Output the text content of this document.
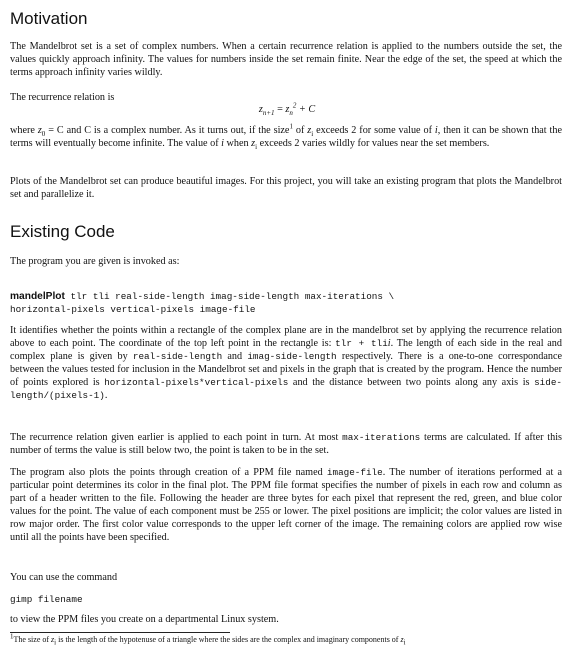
Motivation

The Mandelbrot set is a set of complex numbers. When a certain recurrence relation is applied to the numbers outside the set, the values quickly approach infinity. The values for numbers inside the set remain finite. Near the edge of the set, the speed at which the terms approach infinity varies wildly.

The recurrence relation is

$z_{n+1} = z_n^2 + C$

where $z_0 = C$ and C is a complex number. As it turns out, if the size$^1$ of $z_i$ exceeds 2 for some value of i, then it can be shown that the terms will eventually become infinite. The value of i when $z_i$ exceeds 2 varies wildly for values near the set members.

Plots of the Mandelbrot set can produce beautiful images. For this project, you will take an existing program that plots the Mandelbrot set and parallelize it.

Existing Code

The program you are given is invoked as:

mandelPlot tlr tli real-side-length imag-side-length max-iterations \
horizontal-pixels vertical-pixels image-file

It identifies whether the points within a rectangle of the complex plane are in the mandelbrot set by applying the recurrence relation above to each point. The coordinate of the top left point in the rectangle is: tlr + tlii. The length of each side in the real and complex plane is given by real-side-length and imag-side-length respectively. There is a one-to-one correspondance between the values tested for inclusion in the Mandelbrot set and pixels in the graph that is created by the program. Hence the number of points explored is horizontal-pixels*vertical-pixels and the distance between two points along any axis is side-length/(pixels-1).

The recurrence relation given earlier is applied to each point in turn. At most max-iterations terms are calculated. If after this number of terms the value is still below two, the point is taken to be in the set.

The program also plots the points through creation of a PPM file named image-file. The number of iterations performed at a particular point determines its color in the final plot. The PPM file format specifies the number of pixels in each row and column as part of a header written to the file. Following the header are three bytes for each pixel that represent the red, green, and blue color values for the point. The value of each component must be 255 or lower. The pixel positions are implicit; the color values are listed in row major order. The first color value corresponds to the upper left corner of the image. The remaining colors are applied row wise until all the points have been specified.

You can use the command

gimp filename

to view the PPM files you create on a departmental Linux system.

$^1$The size of $z_i$ is the length of the hypotenuse of a triangle where the sides are the complex and imaginary components of $z_i$
